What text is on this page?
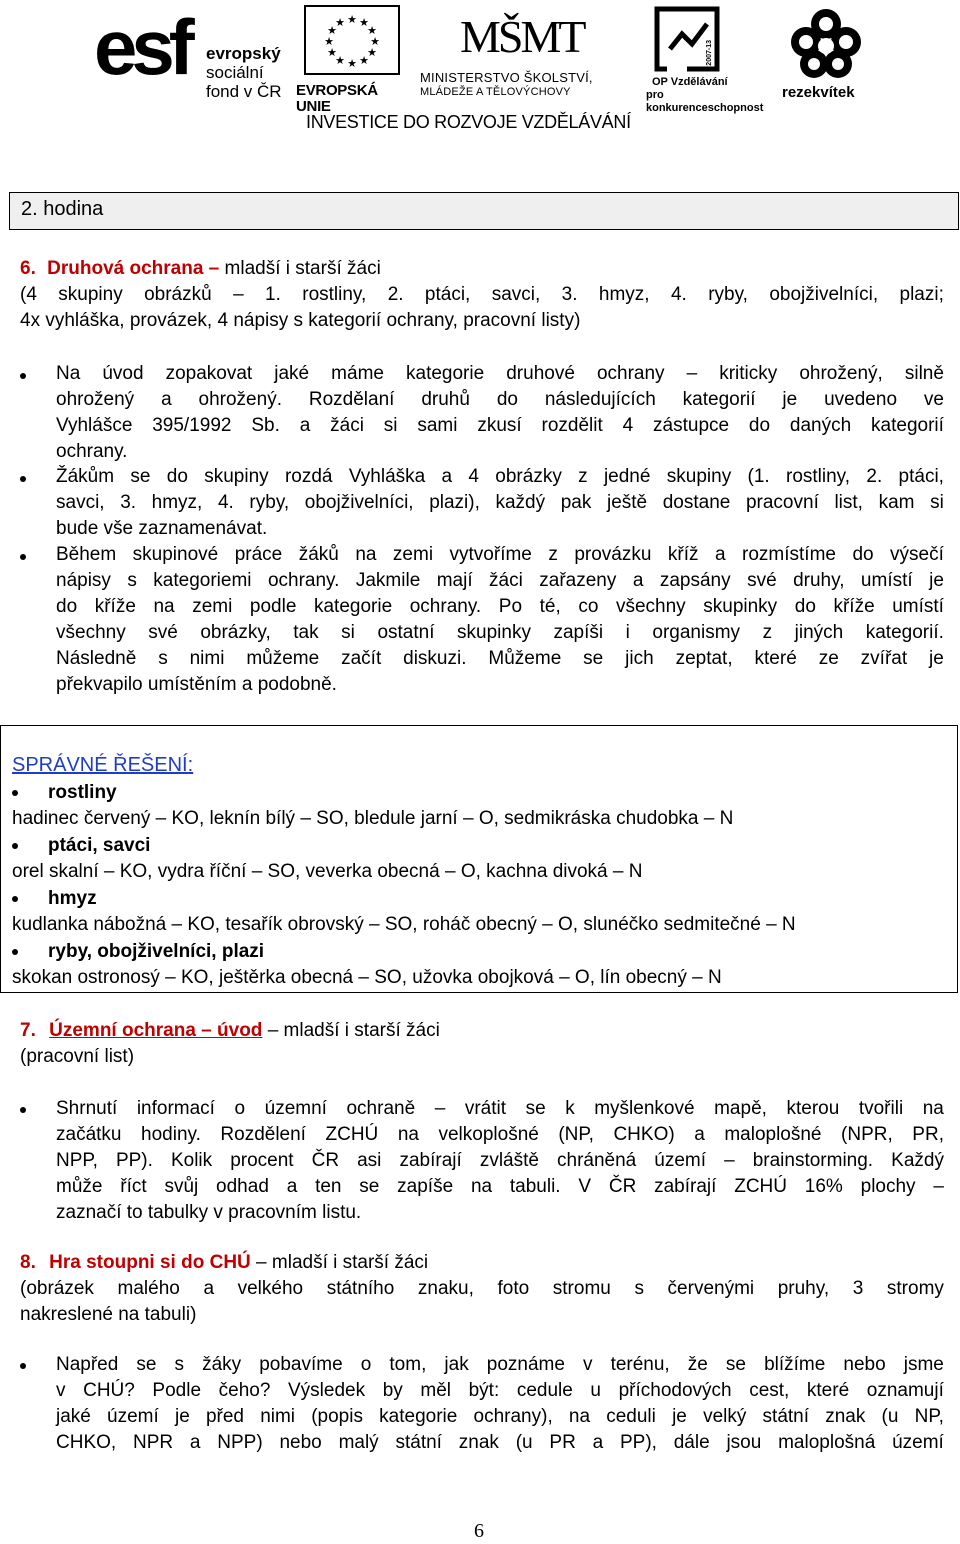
esf evropský
sociální
fond v ČR
★ ★
★
★
★
★
★
★
★
★
★
★
EVROPSKÁ UNIE
MŠMT
MINISTERSTVO ŠKOLSTVÍ,
MLÁDEŽE A TĚLOVÝCHOVY
2007-13
OP Vzdělávání
pro konkurenceschopnost
rezekvítek
INVESTICE DO ROZVOJE VZDĚLÁVÁNÍ
2. hodina
6. Druhová ochrana – mladší i starší žáci
(4 skupiny obrázků – 1. rostliny, 2. ptáci, savci, 3. hmyz, 4. ryby, obojživelníci, plazi;
4x vyhláška, provázek, 4 nápisy s kategorií ochrany, pracovní listy)
Na úvod zopakovat jaké máme kategorie druhové ochrany – kriticky ohrožený, silně
ohrožený a ohrožený. Rozdělaní druhů do následujících kategorií je uvedeno ve
Vyhlášce 395/1992 Sb. a žáci si sami zkusí rozdělit 4 zástupce do daných kategorií
ochrany.
Žákům se do skupiny rozdá Vyhláška a 4 obrázky z jedné skupiny (1. rostliny, 2. ptáci,
savci, 3. hmyz, 4. ryby, obojživelníci, plazi), každý pak ještě dostane pracovní list, kam si
bude vše zaznamenávat.
Během skupinové práce žáků na zemi vytvoříme z provázku kříž a rozmístíme do výsečí
nápisy s kategoriemi ochrany. Jakmile mají žáci zařazeny a zapsány své druhy, umístí je
do kříže na zemi podle kategorie ochrany. Po té, co všechny skupinky do kříže umístí
všechny své obrázky, tak si ostatní skupinky zapíši i organismy z jiných kategorií.
Následně s nimi můžeme začít diskuzi. Můžeme se jich zeptat, které ze zvířat je
překvapilo umístěním a podobně.
SPRÁVNÉ ŘEŠENÍ:
rostliny
hadinec červený – KO, leknín bílý – SO, bledule jarní – O, sedmikráska chudobka – N
ptáci, savci
orel skalní – KO, vydra říční – SO, veverka obecná – O, kachna divoká – N
hmyz
kudlanka nábožná – KO, tesařík obrovský – SO, roháč obecný – O, slunéčko sedmitečné – N
ryby, obojživelníci, plazi
skokan ostronosý – KO, ještěrka obecná – SO, užovka obojková – O, lín obecný – N
7. Územní ochrana – úvod – mladší i starší žáci
(pracovní list)
Shrnutí informací o územní ochraně – vrátit se k myšlenkové mapě, kterou tvořili na
začátku hodiny. Rozdělení ZCHÚ na velkoplošné (NP, CHKO) a maloplošné (NPR, PR,
NPP, PP). Kolik procent ČR asi zabírají zvláště chráněná území – brainstorming. Každý
může říct svůj odhad a ten se zapíše na tabuli. V ČR zabírají ZCHÚ 16% plochy –
zaznačí to tabulky v pracovním listu.
8. Hra stoupni si do CHÚ – mladší i starší žáci
(obrázek malého a velkého státního znaku, foto stromu s červenými pruhy, 3 stromy
nakreslené na tabuli)
Napřed se s žáky pobavíme o tom, jak poznáme v terénu, že se blížíme nebo jsme
v CHÚ? Podle čeho? Výsledek by měl být: cedule u příchodových cest, které oznamují
jaké území je před nimi (popis kategorie ochrany), na ceduli je velký státní znak (u NP,
CHKO, NPR a NPP) nebo malý státní znak (u PR a PP), dále jsou maloplošná území
6
